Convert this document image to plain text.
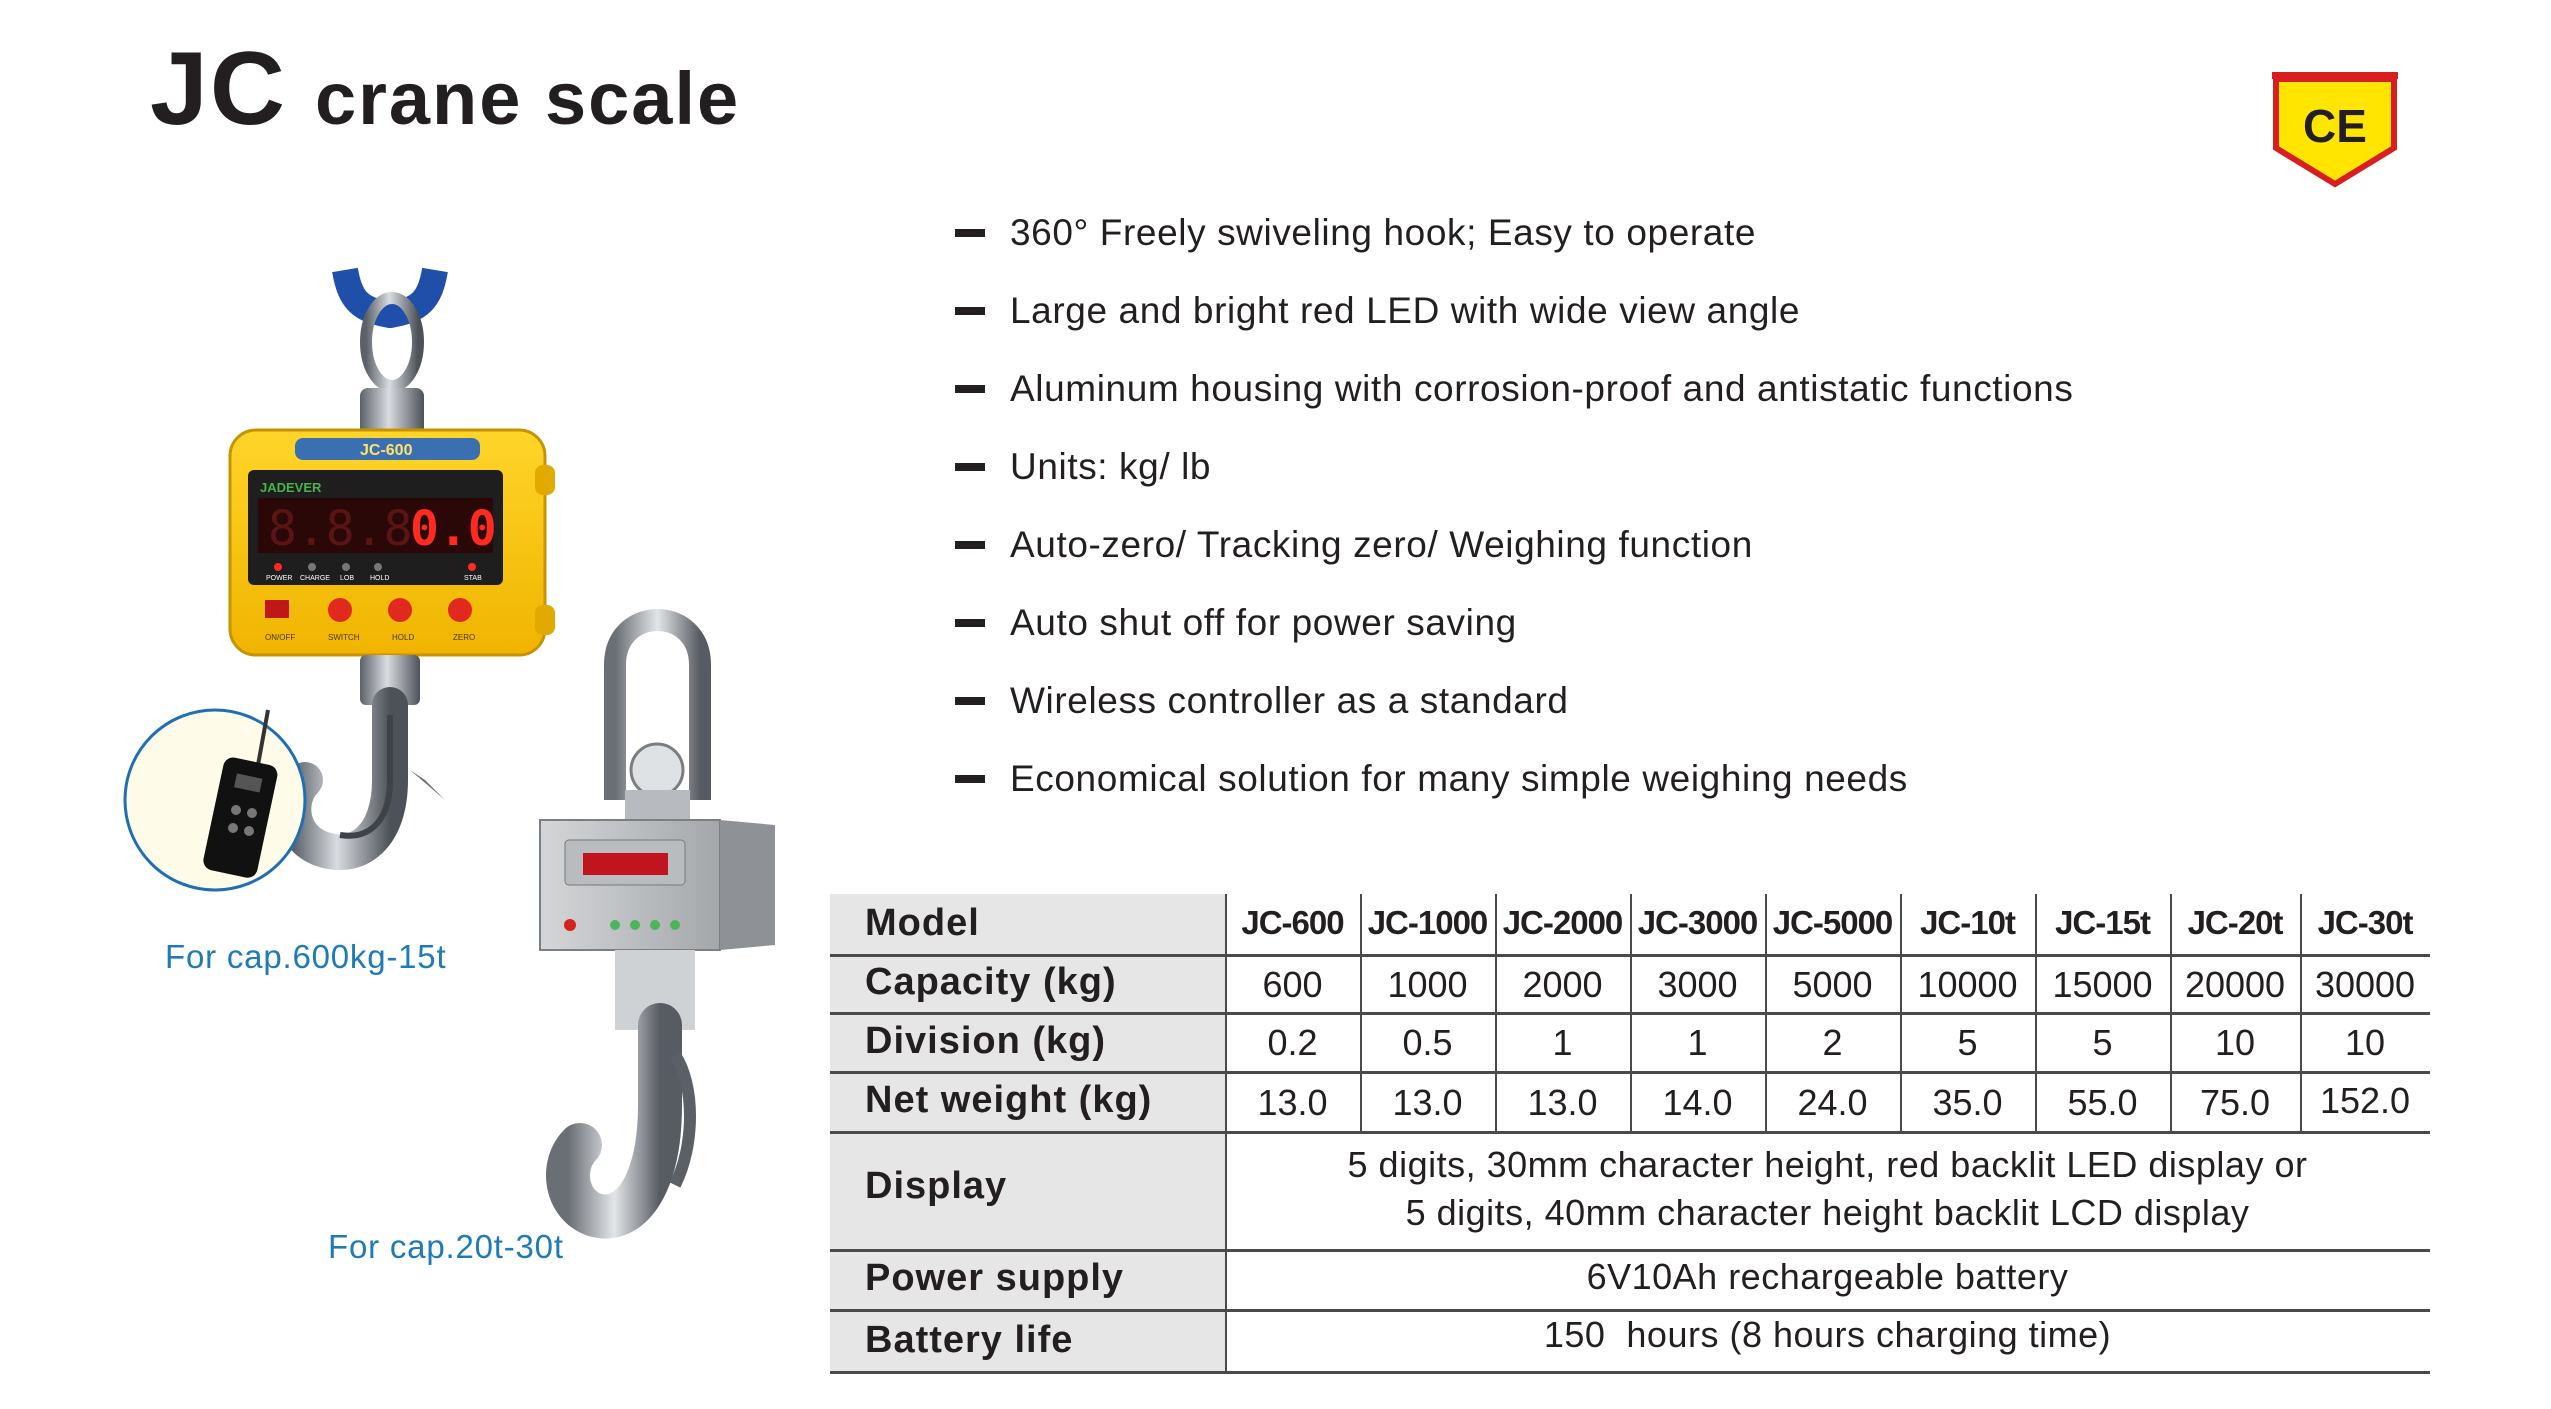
JC crane scale	CE
360° Freely swiveling hook; Easy to operate
Large and bright red LED with wide view angle
Aluminum housing with corrosion-proof and antistatic functions
Units: kg/ lb
Auto-zero/ Tracking zero/ Weighing function
Auto shut off for power saving
Wireless controller as a standard
Economical solution for many simple weighing needs
JC-600
JADEVER
8.8.8
0.0
POWER CHARGE LOB HOLD	STAB
ON/OFF	SWITCH	HOLD	ZERO
For cap.600kg-15t
For cap.20t-30t
Model	JC-600 JC-1000 JC-2000 JC-3000 JC-5000 JC-10t	JC-15t	JC-20t	JC-30t
Capacity (kg)	600	1000	2000	3000	5000	10000 15000 20000 30000
Division (kg)	0.2	0.5	1	1	2	5	5	10	10
Net weight (kg)	13.0	13.0	13.0	14.0	24.0	35.0	55.0	75.0	152.0
Display
5 digits, 30mm character height, red backlit LED display or
5 digits, 40mm character height backlit LCD display
Power supply	6V10Ah rechargeable battery
Battery life	150  hours (8 hours charging time)
